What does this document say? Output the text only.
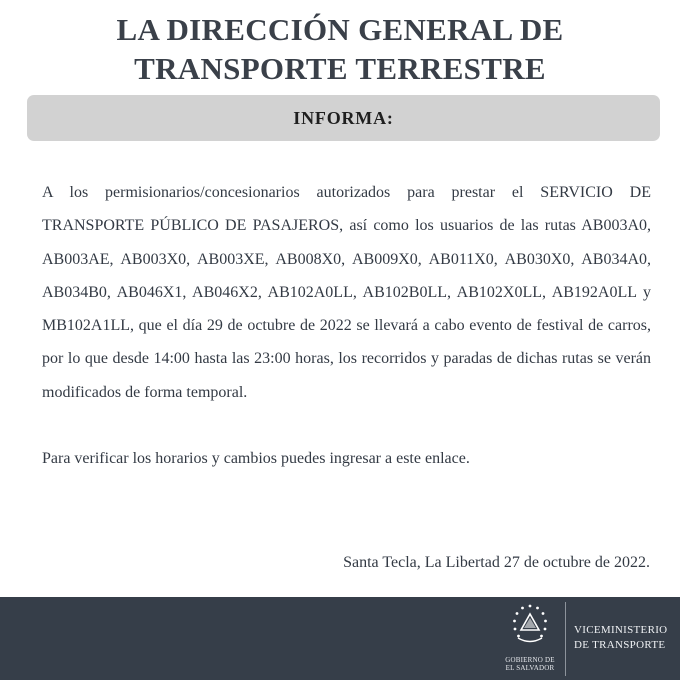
LA DIRECCIÓN GENERAL DE
TRANSPORTE TERRESTRE
INFORMA:

A los permisionarios/concesionarios autorizados para prestar el SERVICIO DE TRANSPORTE PÚBLICO DE PASAJEROS, así como los usuarios de las rutas AB003A0, AB003AE, AB003X0, AB003XE, AB008X0, AB009X0, AB011X0, AB030X0, AB034A0, AB034B0, AB046X1, AB046X2, AB102A0LL, AB102B0LL, AB102X0LL, AB192A0LL y MB102A1LL, que el día 29 de octubre de 2022 se llevará a cabo evento de festival de carros, por lo que desde 14:00 hasta las 23:00 horas, los recorridos y paradas de dichas rutas se verán modificados de forma temporal.

Para verificar los horarios y cambios puedes ingresar a este enlace.

Santa Tecla, La Libertad 27 de octubre de 2022.
GOBIERNO DE
EL SALVADOR
VICEMINISTERIO
DE TRANSPORTE
